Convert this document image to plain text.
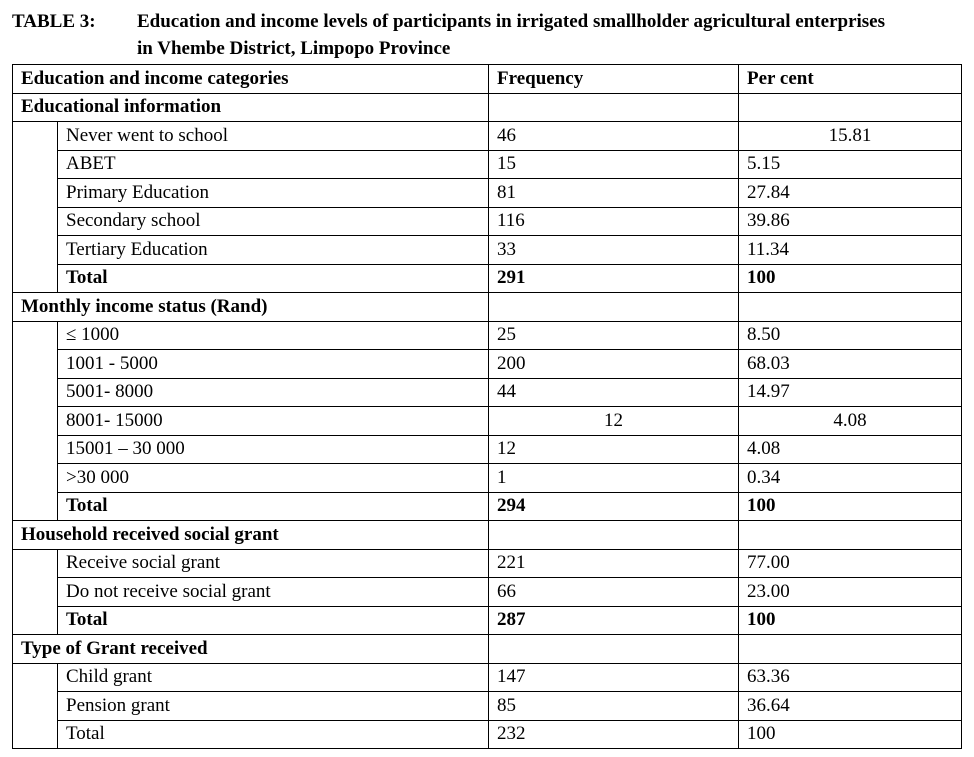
TABLE 3: Education and income levels of participants in irrigated smallholder agricultural enterprises
in Vhembe District, Limpopo Province
Education and income categories		Frequency	Per cent
Educational information			
	Never went to school	46	15.81
	ABET	15	5.15
	Primary Education	81	27.84
	Secondary school	116	39.86
	Tertiary Education	33	11.34
	Total	291	100
Monthly income status (Rand)			
	≤ 1000	25	8.50
	1001 - 5000	200	68.03
	5001- 8000	44	14.97
	8001- 15000	12	4.08
	15001 – 30 000	12	4.08
	>30 000	1	0.34
	Total	294	100
Household received social grant			
	Receive social grant	221	77.00
	Do not receive social grant	66	23.00
	Total	287	100
Type of Grant received			
	Child grant	147	63.36
	Pension grant	85	36.64
	Total	232	100
